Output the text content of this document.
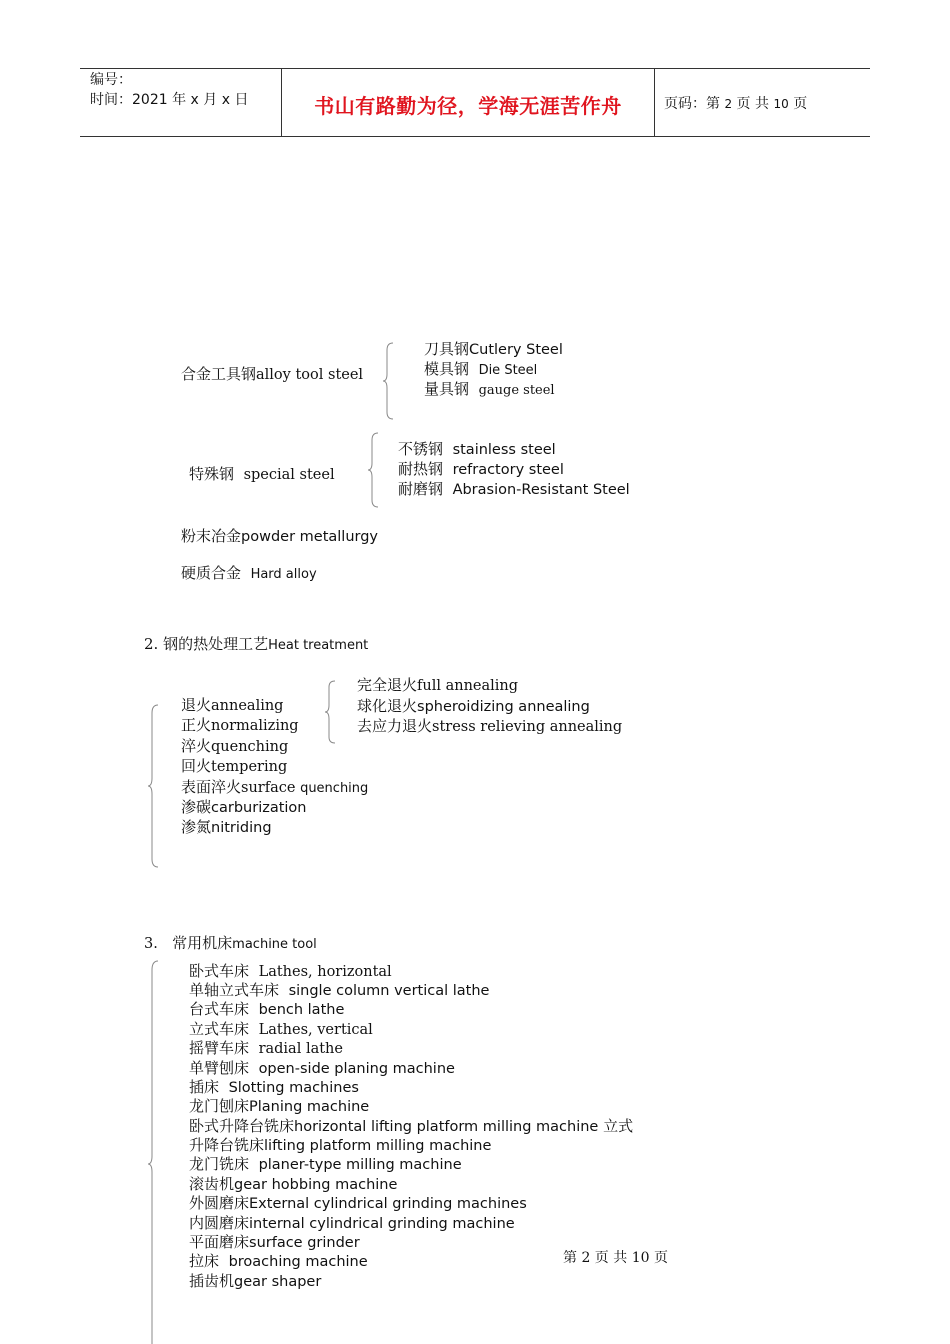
编号：
时间：2021 年 x 月 x 日	书山有路勤为径，学海无涯苦作舟	页码：第 2 页 共 10 页
合金工具钢alloy tool steel
刀具钢Cutlery Steel
模具钢 Die Steel
量具钢 gauge steel
特殊钢 special steel
不锈钢 stainless steel
耐热钢 refractory steel
耐磨钢 Abrasion-Resistant Steel
粉末冶金powder metallurgy
硬质合金 Hard alloy
2. 钢的热处理工艺Heat treatment
退火annealing
正火normalizing
淬火quenching
回火tempering
表面淬火surface quenching
渗碳carburization
渗氮nitriding
完全退火full annealing
球化退火spheroidizing annealing
去应力退火stress relieving annealing
3. 常用机床machine tool
卧式车床 Lathes, horizontal
单轴立式车床 single column vertical lathe
台式车床 bench lathe
立式车床 Lathes, vertical
摇臂车床 radial lathe
单臂刨床 open-side planing machine
插床 Slotting machines
龙门刨床Planing machine
卧式升降台铣床horizontal lifting platform milling machine 立式
升降台铣床lifting platform milling machine
龙门铣床 planer-type milling machine
滚齿机gear hobbing machine
外圆磨床External cylindrical grinding machines
内圆磨床internal cylindrical grinding machine
平面磨床surface grinder
拉床 broaching machine
插齿机gear shaper
第 2 页 共 10 页
